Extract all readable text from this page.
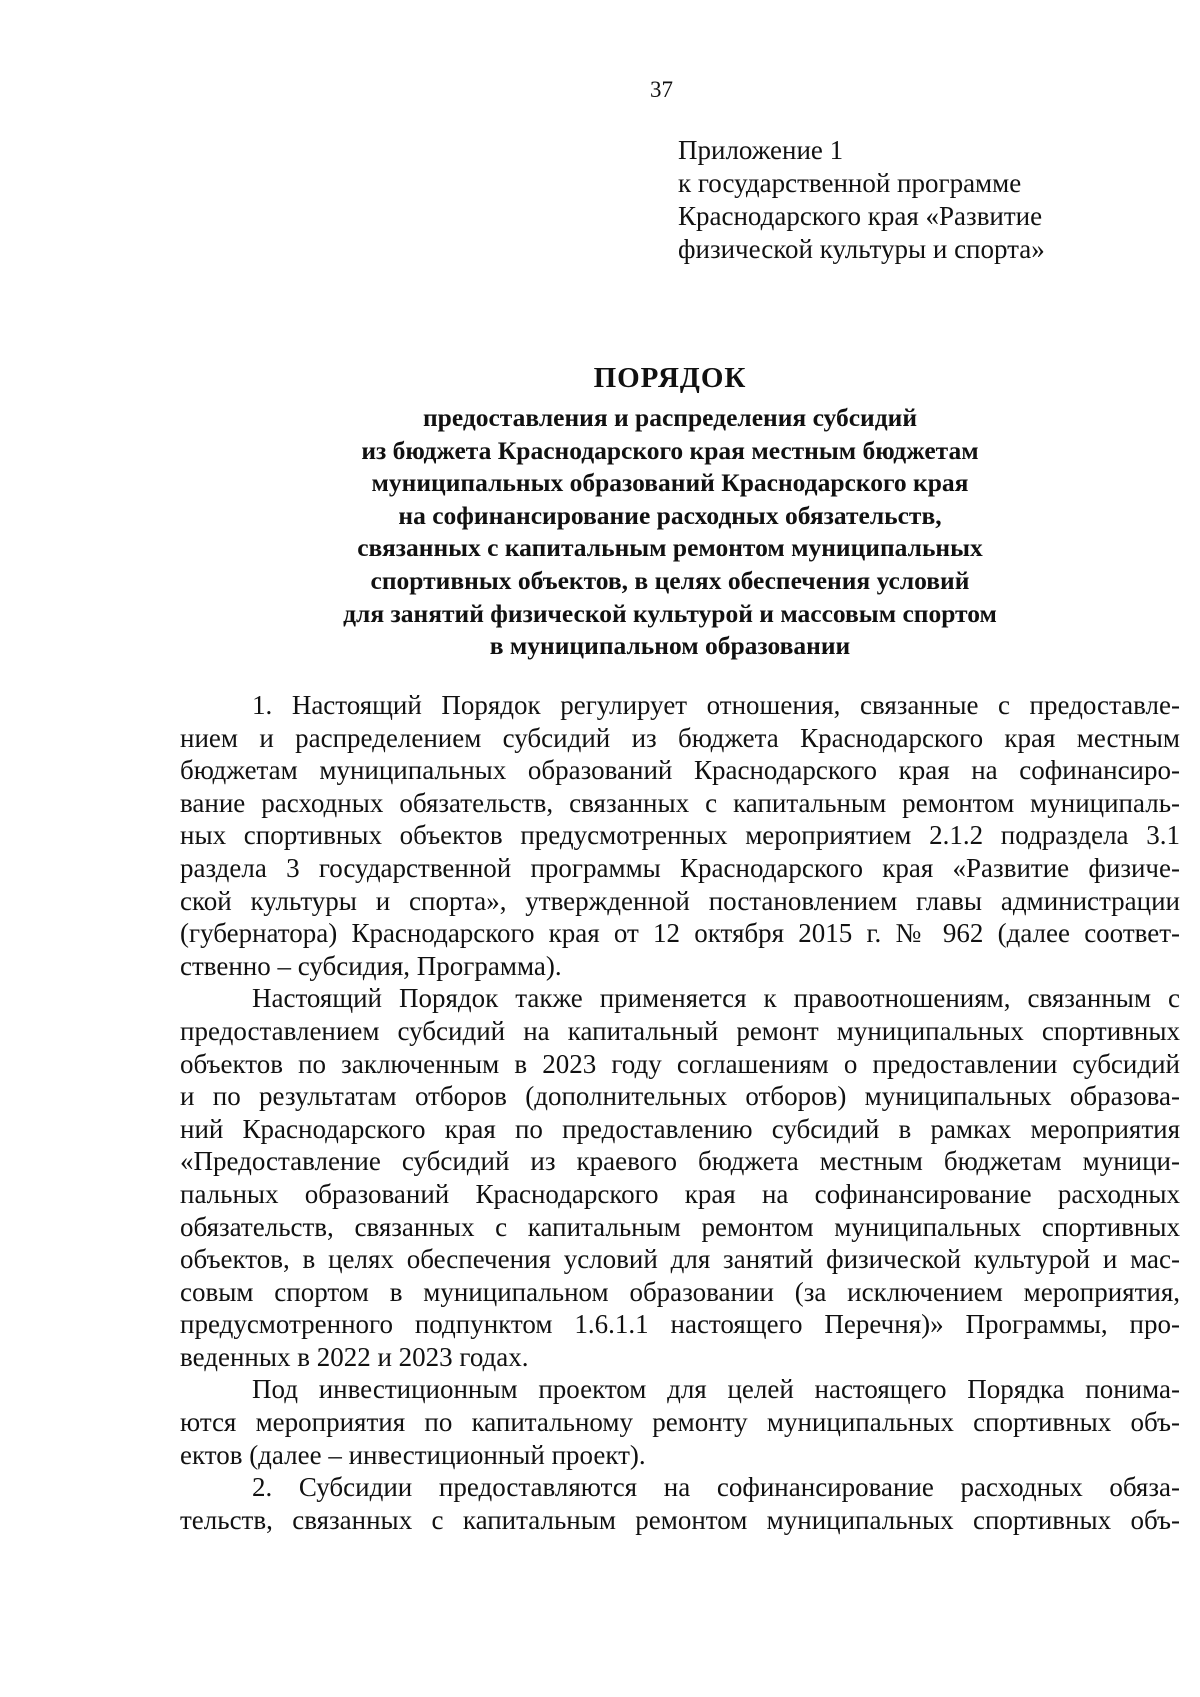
37
Приложение 1
к государственной программе
Краснодарского края «Развитие
физической культуры и спорта»
ПОРЯДОК
предоставления и распределения субсидий
из бюджета Краснодарского края местным бюджетам
муниципальных образований Краснодарского края
на софинансирование расходных обязательств,
связанных с капитальным ремонтом муниципальных
спортивных объектов, в целях обеспечения условий
для занятий физической культурой и массовым спортом
в муниципальном образовании
1. Настоящий Порядок регулирует отношения, связанные с предоставле-
нием и распределением субсидий из бюджета Краснодарского края местным
бюджетам муниципальных образований Краснодарского края на софинансиро-
вание расходных обязательств, связанных с капитальным ремонтом муниципаль-
ных спортивных объектов предусмотренных мероприятием 2.1.2 подраздела 3.1
раздела 3 государственной программы Краснодарского края «Развитие физиче-
ской культуры и спорта», утвержденной постановлением главы администрации
(губернатора) Краснодарского края от 12 октября 2015 г. № 962 (далее соответ-
ственно – субсидия, Программа).
Настоящий Порядок также применяется к правоотношениям, связанным с
предоставлением субсидий на капитальный ремонт муниципальных спортивных
объектов по заключенным в 2023 году соглашениям о предоставлении субсидий
и по результатам отборов (дополнительных отборов) муниципальных образова-
ний Краснодарского края по предоставлению субсидий в рамках мероприятия
«Предоставление субсидий из краевого бюджета местным бюджетам муници-
пальных образований Краснодарского края на софинансирование расходных
обязательств, связанных с капитальным ремонтом муниципальных спортивных
объектов, в целях обеспечения условий для занятий физической культурой и мас-
совым спортом в муниципальном образовании (за исключением мероприятия,
предусмотренного подпунктом 1.6.1.1 настоящего Перечня)» Программы, про-
веденных в 2022 и 2023 годах.
Под инвестиционным проектом для целей настоящего Порядка понима-
ются мероприятия по капитальному ремонту муниципальных спортивных объ-
ектов (далее – инвестиционный проект).
2. Субсидии предоставляются на софинансирование расходных обяза-
тельств, связанных с капитальным ремонтом муниципальных спортивных объ-
